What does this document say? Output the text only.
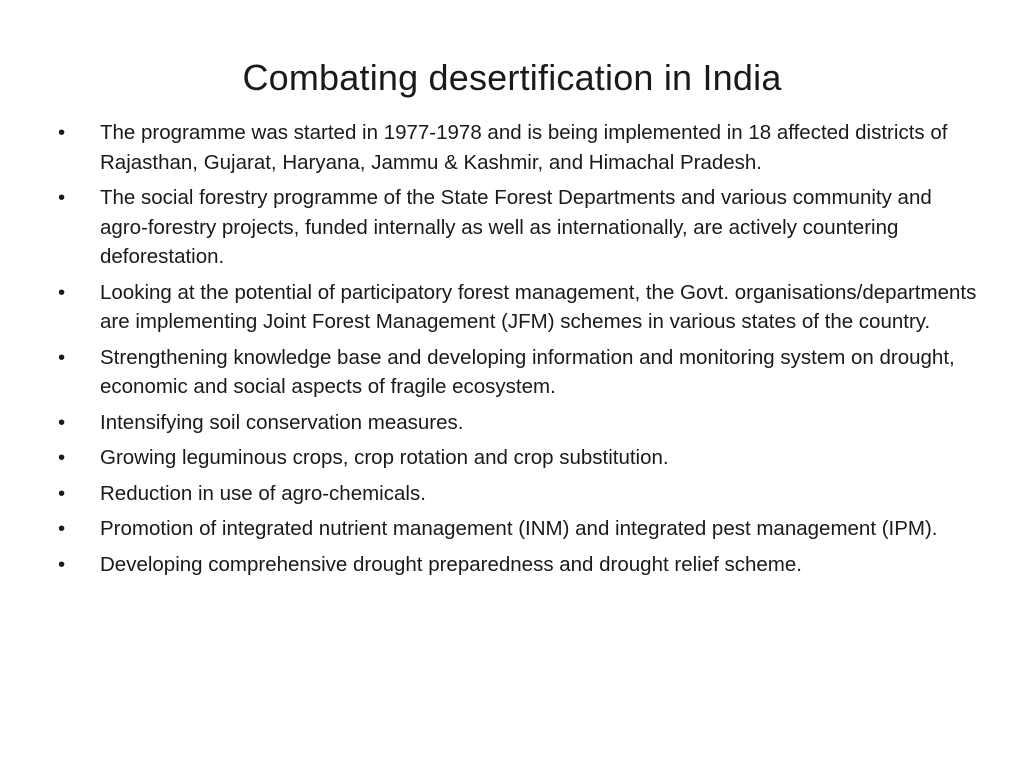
Combating desertification in India
•	The programme was started in 1977-1978 and is being implemented in 18 affected districts of Rajasthan, Gujarat, Haryana, Jammu & Kashmir, and Himachal Pradesh.
•	The social forestry programme of the State Forest Departments and various community and agro-forestry projects, funded internally as well as internationally, are actively countering deforestation.
•	Looking at the potential of participatory forest management, the Govt. organisations/departments are implementing Joint Forest Management (JFM) schemes in various states of the country.
•	Strengthening knowledge base and developing information and monitoring system on drought, economic and social aspects of fragile ecosystem.
•	Intensifying soil conservation measures.
•	Growing leguminous crops, crop rotation and crop substitution.
•	Reduction in use of agro-chemicals.
•	Promotion of integrated nutrient management (INM) and integrated pest management (IPM).
•	Developing comprehensive drought preparedness and drought relief scheme.
